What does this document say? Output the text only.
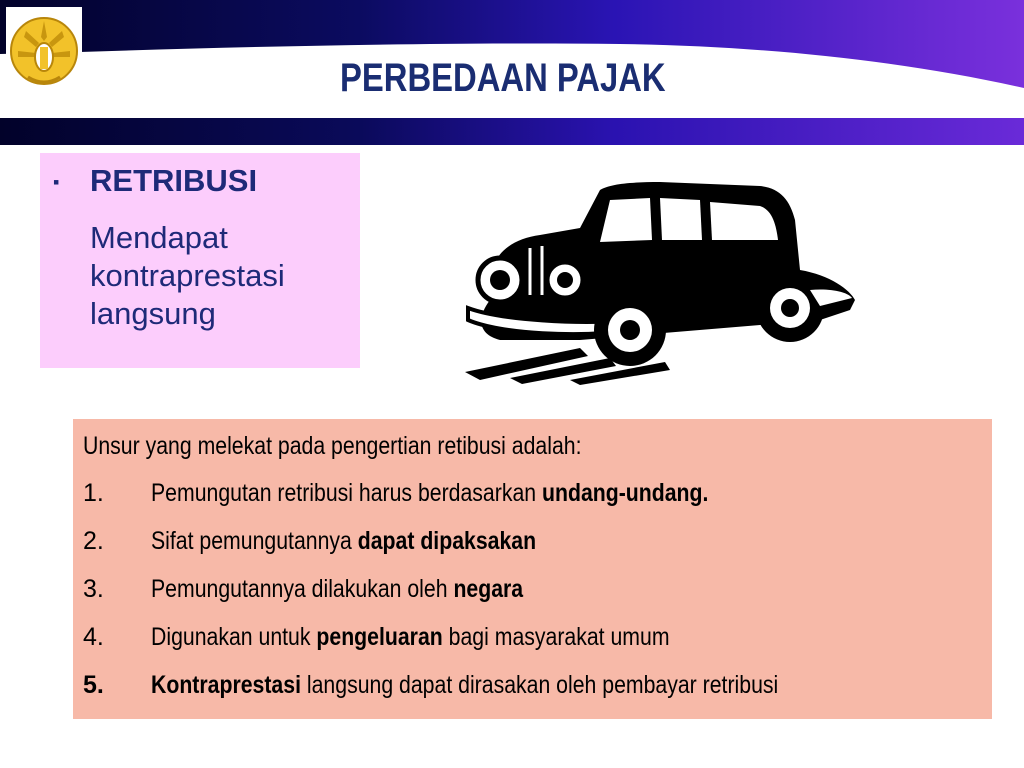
PERBEDAAN PAJAK
▪ RETRIBUSI
Mendapat kontraprestasi langsung
Unsur yang melekat pada pengertian retibusi adalah:
1. Pemungutan retribusi harus berdasarkan undang-undang.
2. Sifat pemungutannya dapat dipaksakan
3. Pemungutannya dilakukan oleh negara
4. Digunakan untuk pengeluaran bagi masyarakat umum
5. Kontraprestasi langsung dapat dirasakan oleh pembayar retribusi
